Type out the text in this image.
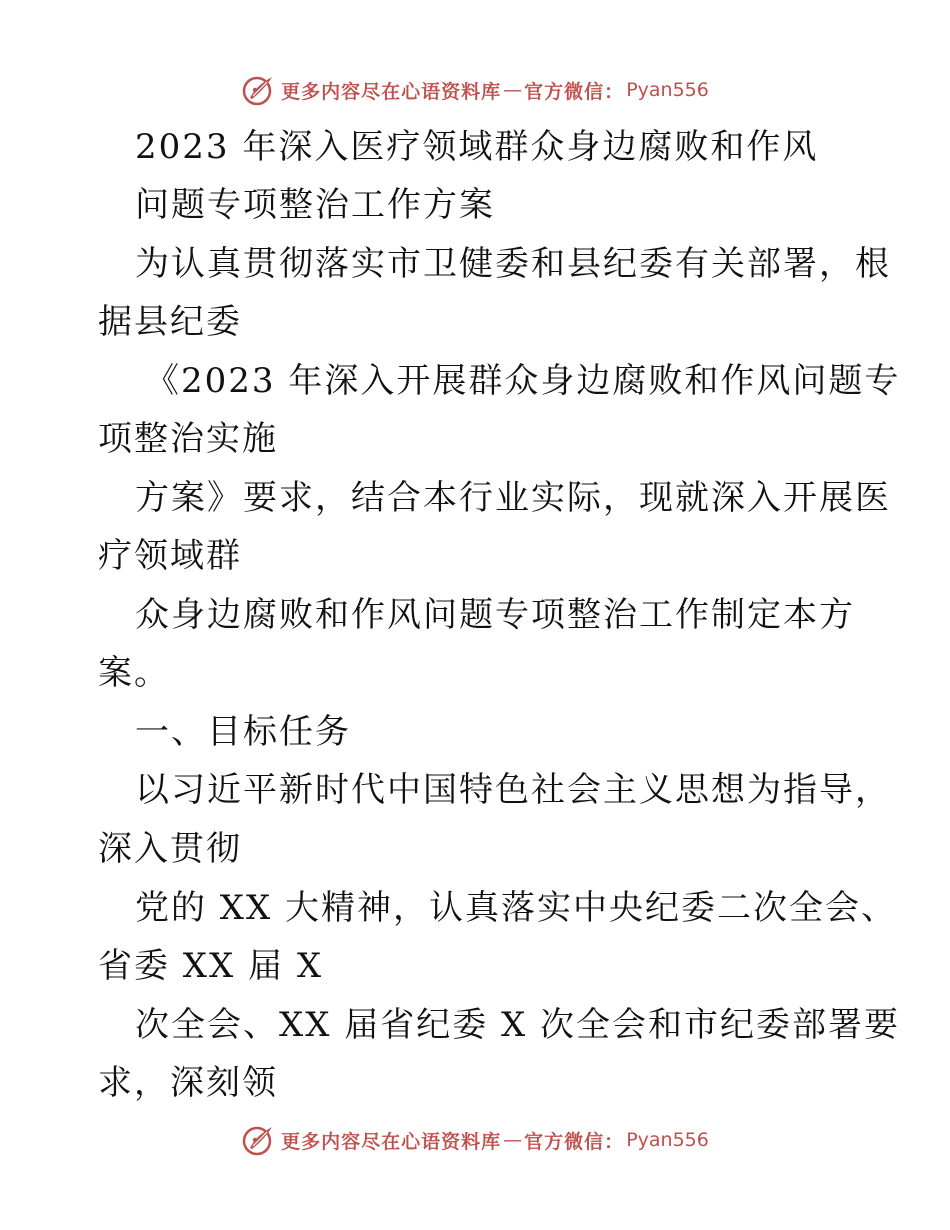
更多内容尽在心语资料库 — 官方微信： Pyan556
2023 年深入医疗领域群众身边腐败和作风
问题专项整治工作方案
为认真贯彻落实市卫健委和县纪委有关部署，根
据县纪委
《2023 年深入开展群众身边腐败和作风问题专
项整治实施
方案》要求，结合本行业实际，现就深入开展医
疗领域群
众身边腐败和作风问题专项整治工作制定本方
案。
一、目标任务
以习近平新时代中国特色社会主义思想为指导，
深入贯彻
党的 XX 大精神，认真落实中央纪委二次全会、
省委 XX 届 X
次全会、XX 届省纪委 X 次全会和市纪委部署要
求，深刻领
更多内容尽在心语资料库 — 官方微信： Pyan556
